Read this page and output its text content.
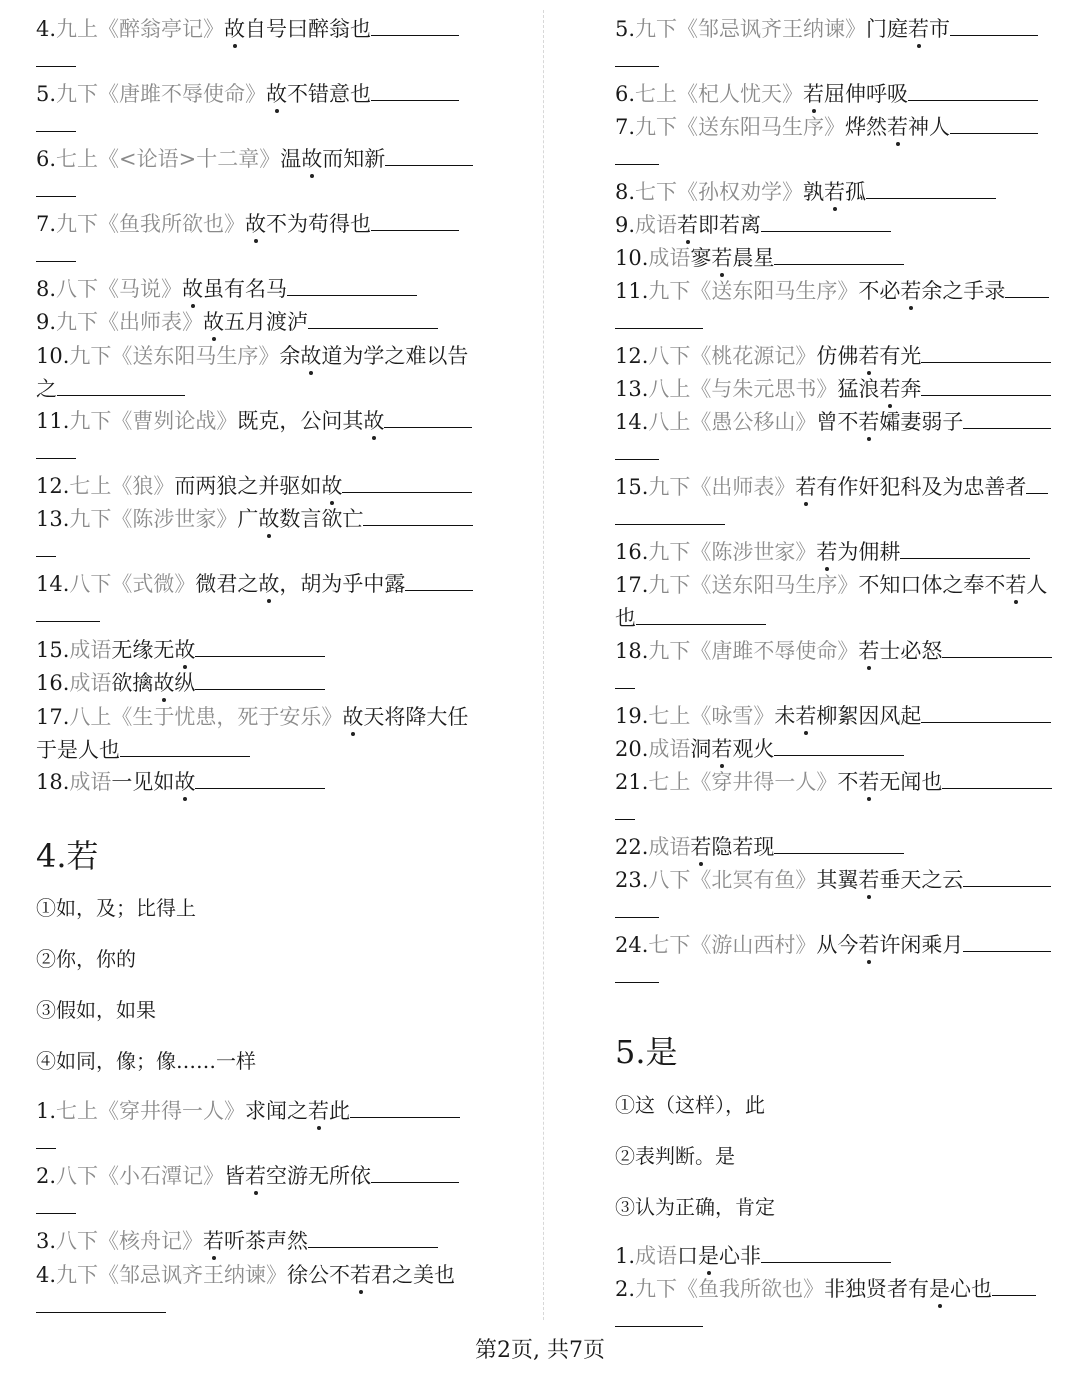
4.九上《醉翁亭记》故自号曰醉翁也
5.九下《唐雎不辱使命》故不错意也
6.七上《<论语>十二章》温故而知新
7.九下《鱼我所欲也》故不为苟得也
8.八下《马说》故虽有名马
9.九下《出师表》故五月渡泸
10.九下《送东阳马生序》余故道为学之难以告
之
11.九下《曹刿论战》既克，公问其故
12.七上《狼》而两狼之并驱如故
13.九下《陈涉世家》广故数言欲亡
14.八下《式微》微君之故，胡为乎中露
15.成语无缘无故
16.成语欲擒故纵
17.八上《生于忧患，死于安乐》故天将降大任
于是人也
18.成语一见如故
4.若
①如，及；比得上
②你，你的
③假如，如果
④如同，像；像……一样
1.七上《穿井得一人》求闻之若此
2.八下《小石潭记》皆若空游无所依
3.八下《核舟记》若听茶声然
4.九下《邹忌讽齐王纳谏》徐公不若君之美也
5.九下《邹忌讽齐王纳谏》门庭若市
6.七上《杞人忧天》若屈伸呼吸
7.九下《送东阳马生序》烨然若神人
8.七下《孙权劝学》孰若孤
9.成语若即若离
10.成语寥若晨星
11.九下《送东阳马生序》不必若余之手录
12.八下《桃花源记》仿佛若有光
13.八上《与朱元思书》猛浪若奔
14.八上《愚公移山》曾不若孀妻弱子
15.九下《出师表》若有作奸犯科及为忠善者
16.九下《陈涉世家》若为佣耕
17.九下《送东阳马生序》不知口体之奉不若人
也
18.九下《唐雎不辱使命》若士必怒
19.七上《咏雪》未若柳絮因风起
20.成语洞若观火
21.七上《穿井得一人》不若无闻也
22.成语若隐若现
23.八下《北冥有鱼》其翼若垂天之云
24.七下《游山西村》从今若许闲乘月
5.是
①这（这样），此
②表判断。是
③认为正确，肯定
1.成语口是心非
2.九下《鱼我所欲也》非独贤者有是心也
第2页, 共7页
